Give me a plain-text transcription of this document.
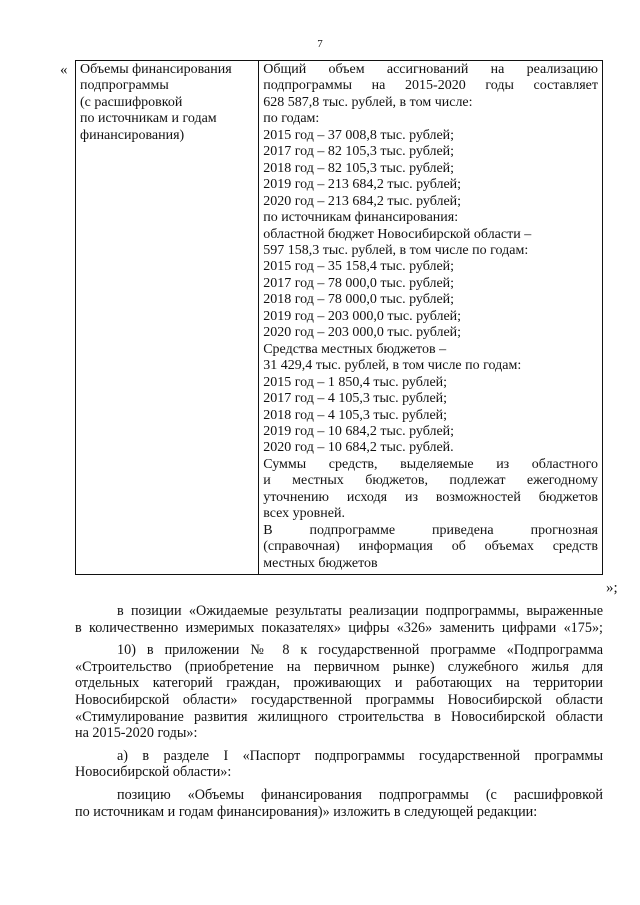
7
« Объемы финансирования
подпрограммы
(с расшифровкой
по источникам и годам
финансирования)

Общий объем ассигнований на реализацию
подпрограммы на 2015-2020 годы составляет
628 587,8 тыс. рублей, в том числе:
по годам:
2015 год – 37 008,8 тыс. рублей;
2017 год – 82 105,3 тыс. рублей;
2018 год – 82 105,3 тыс. рублей;
2019 год – 213 684,2 тыс. рублей;
2020 год – 213 684,2 тыс. рублей;
по источникам финансирования:
областной бюджет Новосибирской области –
597 158,3 тыс. рублей, в том числе по годам:
2015 год – 35 158,4 тыс. рублей;
2017 год – 78 000,0 тыс. рублей;
2018 год – 78 000,0 тыс. рублей;
2019 год – 203 000,0 тыс. рублей;
2020 год – 203 000,0 тыс. рублей;
Средства местных бюджетов –
31 429,4 тыс. рублей, в том числе по годам:
2015 год – 1 850,4 тыс. рублей;
2017 год – 4 105,3 тыс. рублей;
2018 год – 4 105,3 тыс. рублей;
2019 год – 10 684,2 тыс. рублей;
2020 год – 10 684,2 тыс. рублей.
Суммы средств, выделяемые из областного
и местных бюджетов, подлежат ежегодному
уточнению исходя из возможностей бюджетов
всех уровней.
В подпрограмме приведена прогнозная
(справочная) информация об объемах средств
местных бюджетов
»;

в позиции «Ожидаемые результаты реализации подпрограммы, выраженные
в количественно измеримых показателях» цифры «326» заменить цифрами «175»;

10) в приложении № 8 к государственной программе «Подпрограмма
«Строительство (приобретение на первичном рынке) служебного жилья для
отдельных категорий граждан, проживающих и работающих на территории
Новосибирской области» государственной программы Новосибирской области
«Стимулирование развития жилищного строительства в Новосибирской области
на 2015-2020 годы»:

а) в разделе I «Паспорт подпрограммы государственной программы
Новосибирской области»:

позицию «Объемы финансирования подпрограммы (с расшифровкой
по источникам и годам финансирования)» изложить в следующей редакции:
